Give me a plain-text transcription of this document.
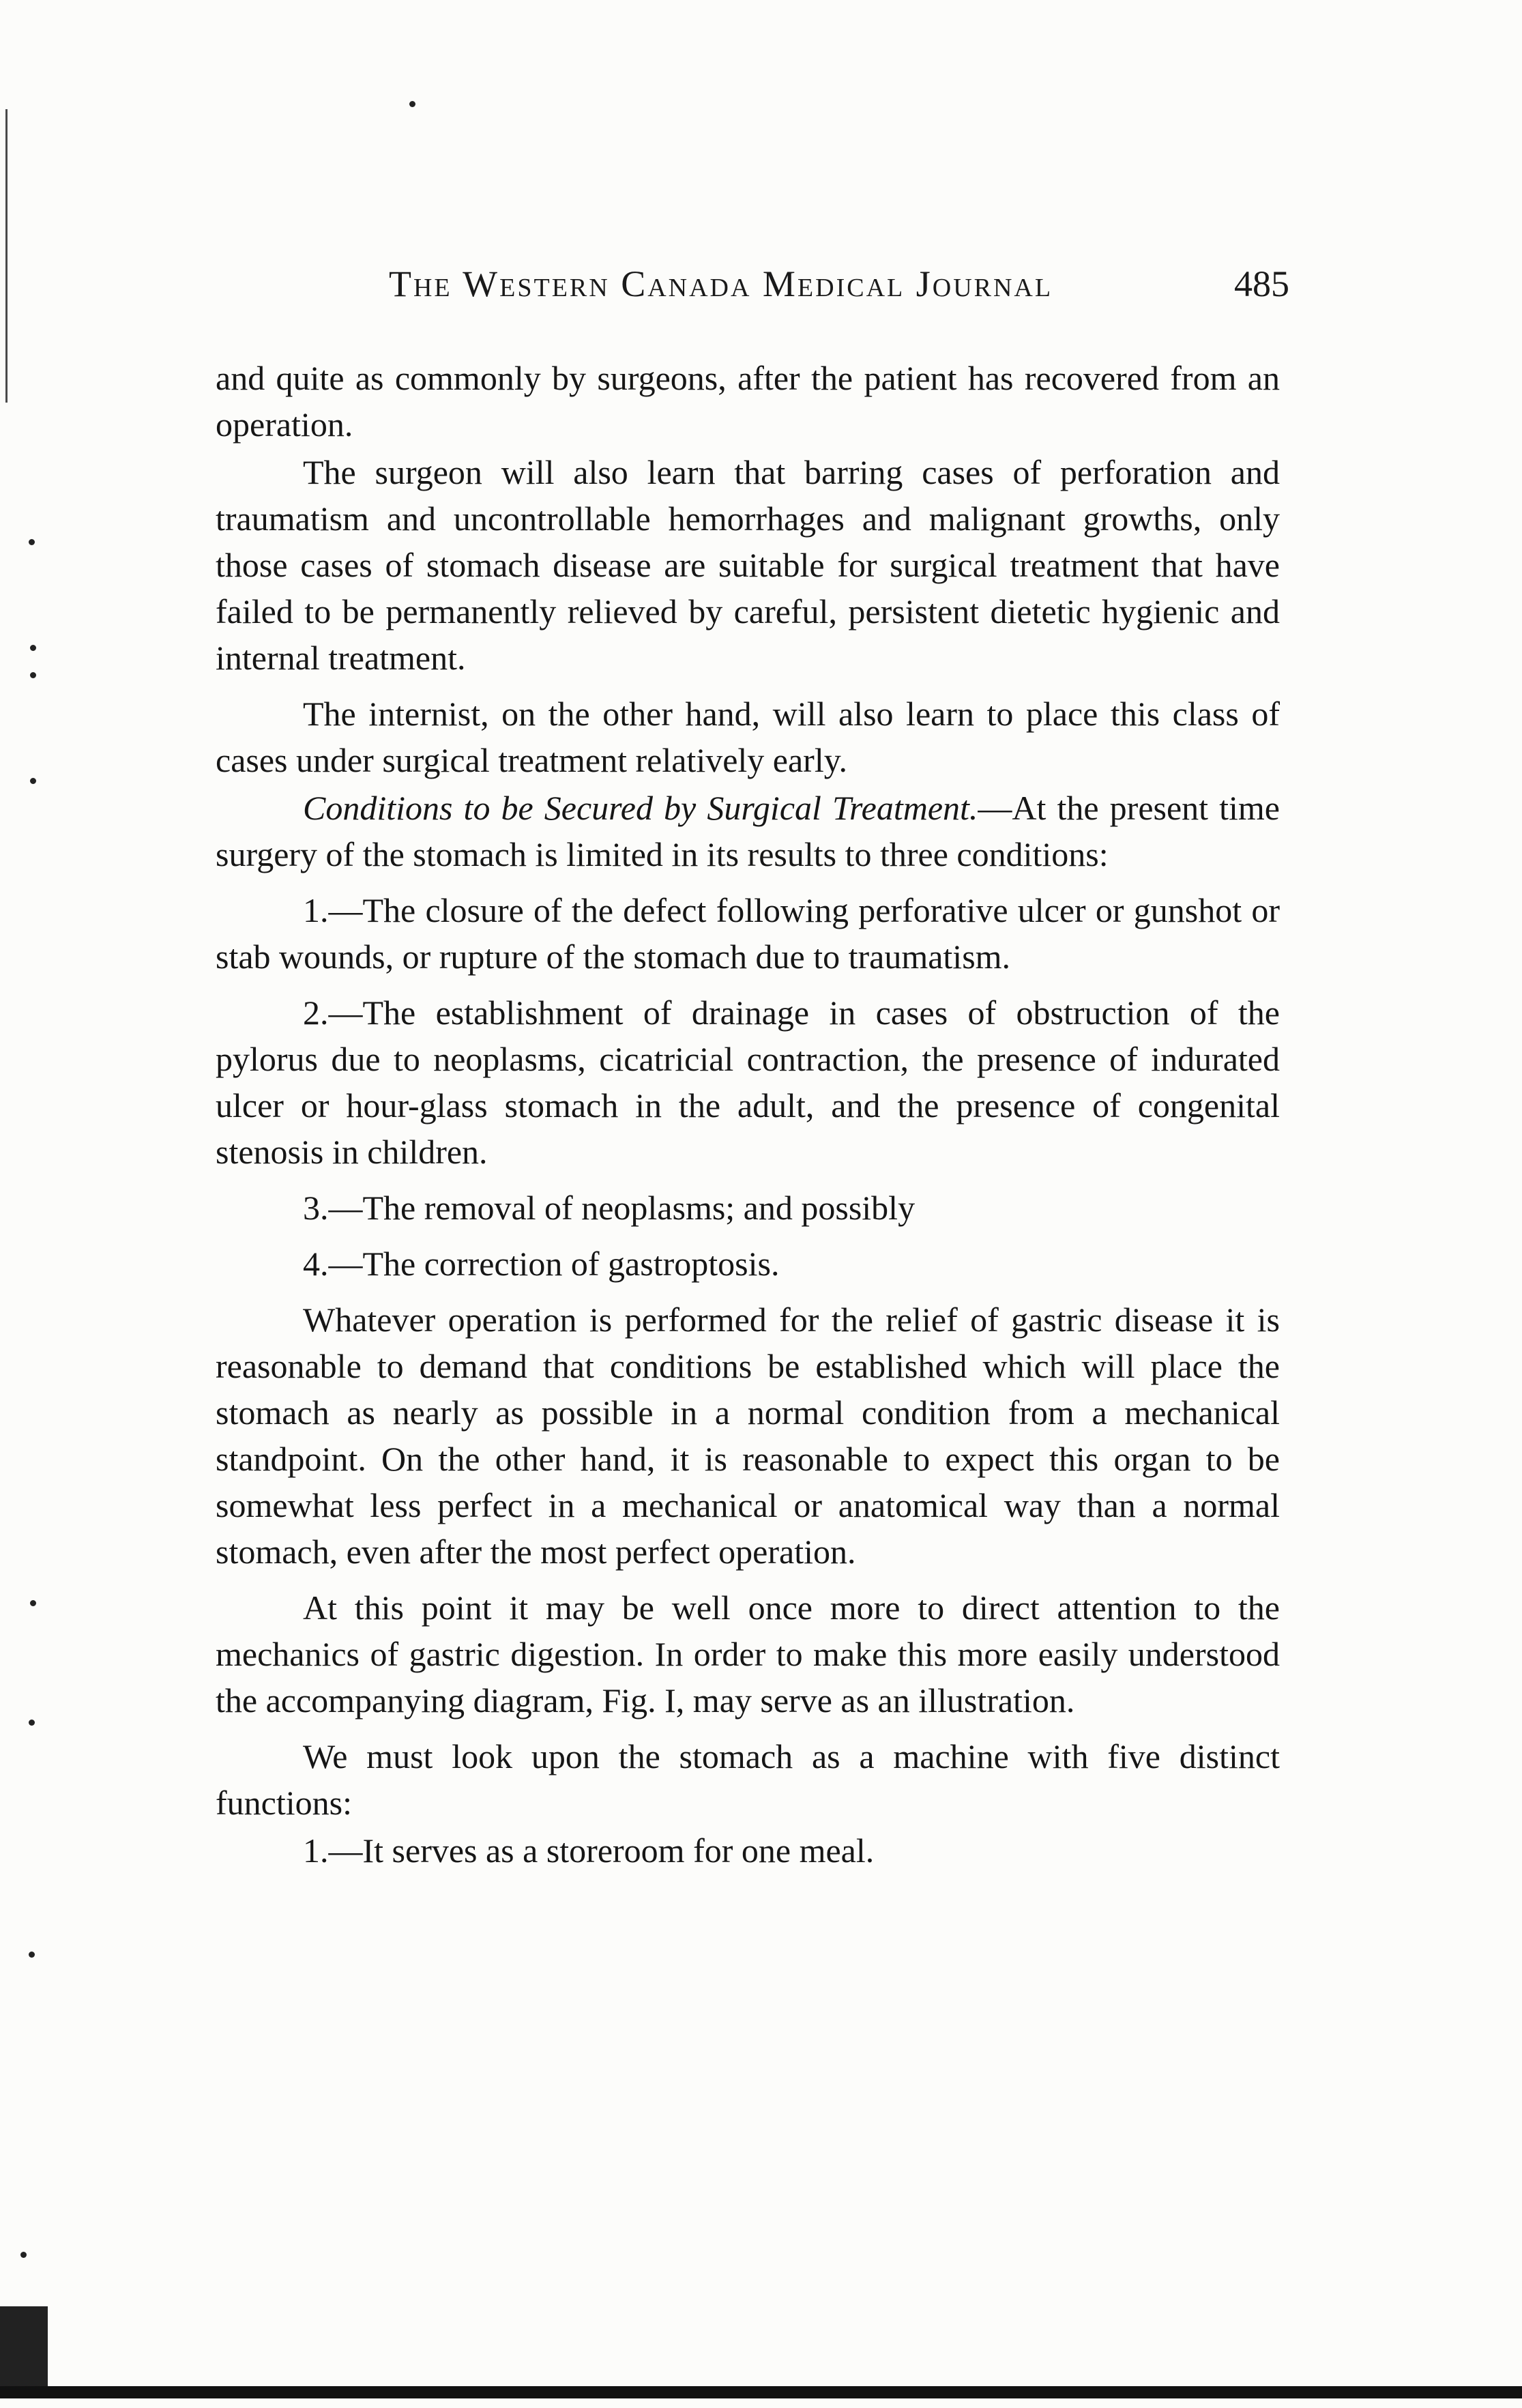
The Western Canada Medical Journal	485

and quite as commonly by surgeons, after the patient has recovered from an operation.

The surgeon will also learn that barring cases of perforation and traumatism and uncontrollable hemorrhages and malignant growths, only those cases of stomach disease are suitable for surgical treatment that have failed to be permanently relieved by careful, persistent dietetic hygienic and internal treatment.

The internist, on the other hand, will also learn to place this class of cases under surgical treatment relatively early.

Conditions to be Secured by Surgical Treatment.—At the present time surgery of the stomach is limited in its results to three conditions:

1.—The closure of the defect following perforative ulcer or gunshot or stab wounds, or rupture of the stomach due to traumatism.

2.—The establishment of drainage in cases of obstruction of the pylorus due to neoplasms, cicatricial contraction, the presence of indurated ulcer or hour-glass stomach in the adult, and the presence of congenital stenosis in children.

3.—The removal of neoplasms; and possibly

4.—The correction of gastroptosis.

Whatever operation is performed for the relief of gastric disease it is reasonable to demand that conditions be established which will place the stomach as nearly as possible in a normal condition from a mechanical standpoint. On the other hand, it is reasonable to expect this organ to be somewhat less perfect in a mechanical or anatomical way than a normal stomach, even after the most perfect operation.

At this point it may be well once more to direct attention to the mechanics of gastric digestion. In order to make this more easily understood the accompanying diagram, Fig. I, may serve as an illustration.

We must look upon the stomach as a machine with five distinct functions:

1.—It serves as a storeroom for one meal.
